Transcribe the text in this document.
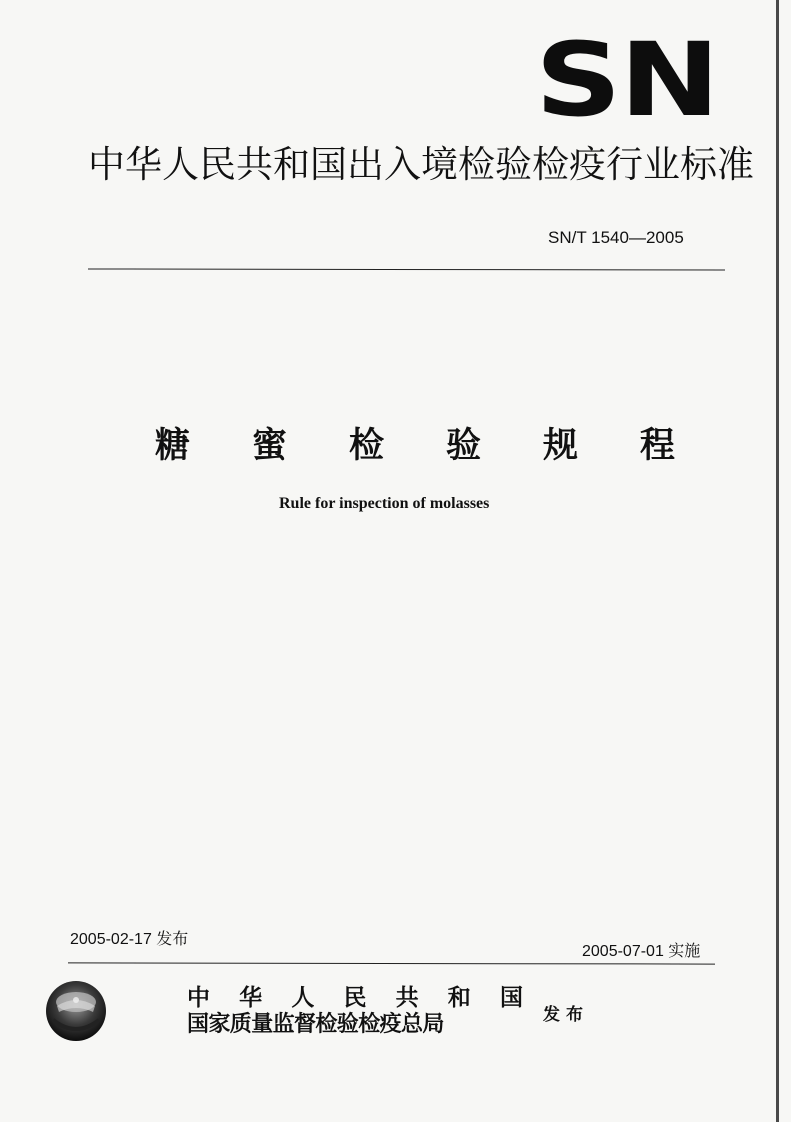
SN
中华人民共和国出入境检验检疫行业标准
SN/T 1540—2005
糖 蜜 检 验 规 程
Rule for inspection of molasses
2005-02-17 发布
2005-07-01 实施
中 华 人 民 共 和 国
国家质量监督检验检疫总局	发布
